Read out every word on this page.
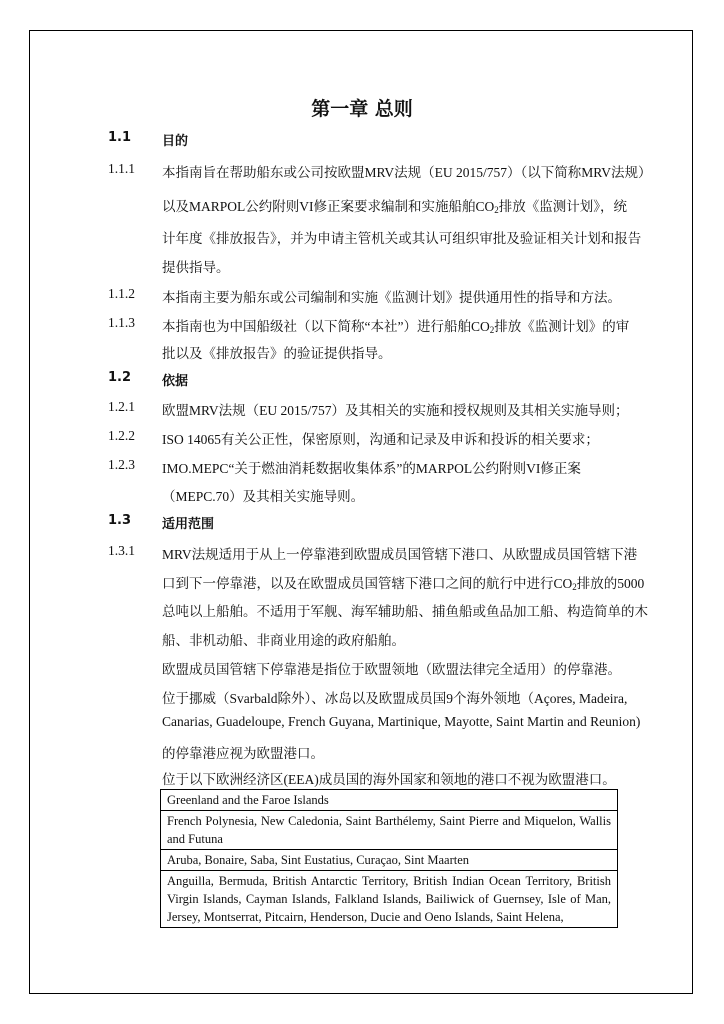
第一章 总则
1.1 目的
1.1.1 本指南旨在帮助船东或公司按欧盟MRV法规（EU 2015/757）（以下简称MRV法规）
以及MARPOL公约附则VI修正案要求编制和实施船舶$CO_2$排放《监测计划》，统
计年度《排放报告》，并为申请主管机关或其认可组织审批及验证相关计划和报告
提供指导。
1.1.2 本指南主要为船东或公司编制和实施《监测计划》提供通用性的指导和方法。
1.1.3 本指南也为中国船级社（以下简称“本社”）进行船舶$CO_2$排放《监测计划》的审
批以及《排放报告》的验证提供指导。
1.2 依据
1.2.1 欧盟MRV法规（EU 2015/757）及其相关的实施和授权规则及其相关实施导则；
1.2.2 ISO 14065有关公正性，保密原则，沟通和记录及申诉和投诉的相关要求；
1.2.3 IMO.MEPC“关于燃油消耗数据收集体系”的MARPOL公约附则VI修正案
（MEPC.70）及其相关实施导则。
1.3 适用范围
1.3.1 MRV法规适用于从上一停靠港到欧盟成员国管辖下港口、从欧盟成员国管辖下港
口到下一停靠港，以及在欧盟成员国管辖下港口之间的航行中进行$CO_2$排放的5000
总吨以上船舶。不适用于军舰、海军辅助船、捕鱼船或鱼品加工船、构造简单的木
船、非机动船、非商业用途的政府船舶。
欧盟成员国管辖下停靠港是指位于欧盟领地（欧盟法律完全适用）的停靠港。
位于挪威（Svarbald除外）、冰岛以及欧盟成员国9个海外领地（Açores, Madeira,
Canarias, Guadeloupe, French Guyana, Martinique, Mayotte, Saint Martin and Reunion)
的停靠港应视为欧盟港口。
位于以下欧洲经济区(EEA)成员国的海外国家和领地的港口不视为欧盟港口。
Greenland and the Faroe Islands
French Polynesia, New Caledonia, Saint Barthélemy, Saint Pierre and Miquelon, Wallis and Futuna
Aruba, Bonaire, Saba, Sint Eustatius, Curaçao, Sint Maarten
Anguilla, Bermuda, British Antarctic Territory, British Indian Ocean Territory, British Virgin Islands, Cayman Islands, Falkland Islands, Bailiwick of Guernsey, Isle of Man, Jersey, Montserrat, Pitcairn, Henderson, Ducie and Oeno Islands, Saint Helena,
